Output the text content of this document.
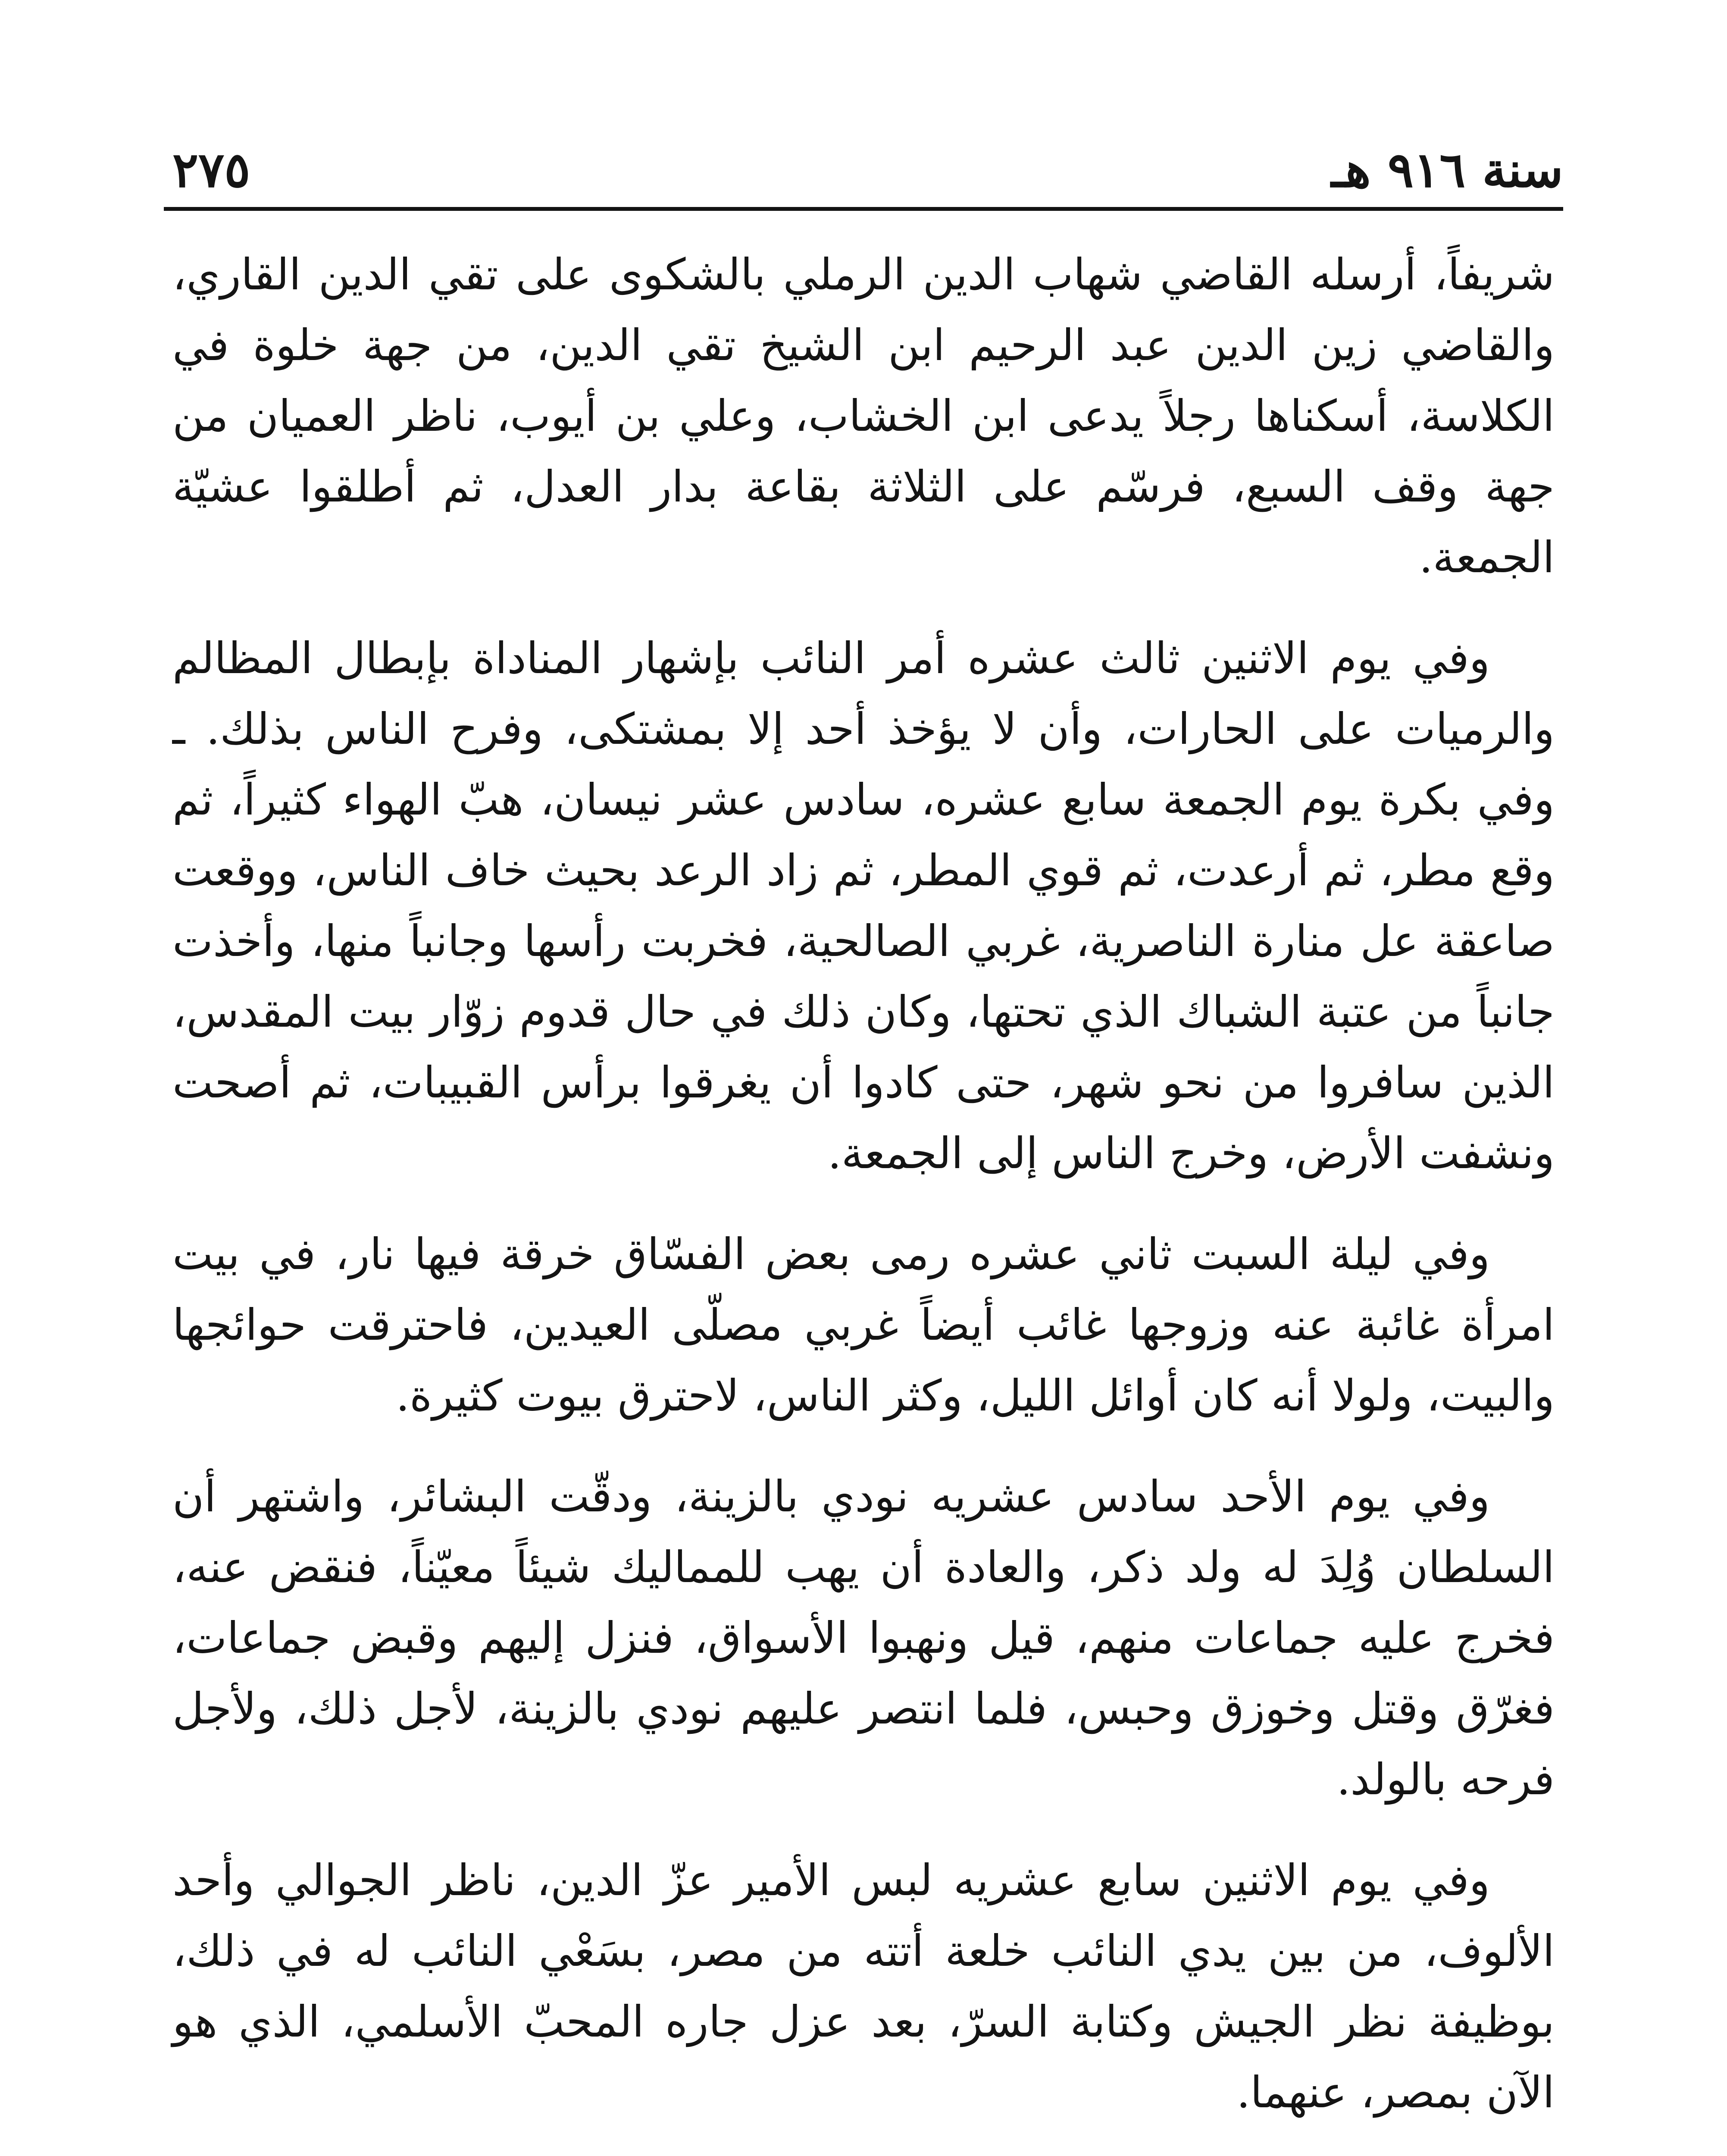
سنة ٩١٦ هـ
٢٧٥

شريفاً، أرسله القاضي شهاب الدين الرملي بالشكوى على تقي الدين القاري، والقاضي زين الدين عبد الرحيم ابن الشيخ تقي الدين، من جهة خلوة في الكلاسة، أسكناها رجلاً يدعى ابن الخشاب، وعلي بن أيوب، ناظر العميان من جهة وقف السبع، فرسّم على الثلاثة بقاعة بدار العدل، ثم أطلقوا عشيّة الجمعة.

وفي يوم الاثنين ثالث عشره أمر النائب بإشهار المناداة بإبطال المظالم والرميات على الحارات، وأن لا يؤخذ أحد إلا بمشتكى، وفرح الناس بذلك. ـ وفي بكرة يوم الجمعة سابع عشره، سادس عشر نيسان، هبّ الهواء كثيراً، ثم وقع مطر، ثم أرعدت، ثم قوي المطر، ثم زاد الرعد بحيث خاف الناس، ووقعت صاعقة عل منارة الناصرية، غربي الصالحية، فخربت رأسها وجانباً منها، وأخذت جانباً من عتبة الشباك الذي تحتها، وكان ذلك في حال قدوم زوّار بيت المقدس، الذين سافروا من نحو شهر، حتى كادوا أن يغرقوا برأس القبيبات، ثم أصحت ونشفت الأرض، وخرج الناس إلى الجمعة.

وفي ليلة السبت ثاني عشره رمى بعض الفسّاق خرقة فيها نار، في بيت امرأة غائبة عنه وزوجها غائب أيضاً غربي مصلّى العيدين، فاحترقت حوائجها والبيت، ولولا أنه كان أوائل الليل، وكثر الناس، لاحترق بيوت كثيرة.

وفي يوم الأحد سادس عشريه نودي بالزينة، ودقّت البشائر، واشتهر أن السلطان وُلِدَ له ولد ذكر، والعادة أن يهب للمماليك شيئاً معيّناً، فنقض عنه، فخرج عليه جماعات منهم، قيل ونهبوا الأسواق، فنزل إليهم وقبض جماعات، فغرّق وقتل وخوزق وحبس، فلما انتصر عليهم نودي بالزينة، لأجل ذلك، ولأجل فرحه بالولد.

وفي يوم الاثنين سابع عشريه لبس الأمير عزّ الدين، ناظر الجوالي وأحد الألوف، من بين يدي النائب خلعة أتته من مصر، بسَعْي النائب له في ذلك، بوظيفة نظر الجيش وكتابة السرّ، بعد عزل جاره المحبّ الأسلمي، الذي هو الآن بمصر، عنهما.
